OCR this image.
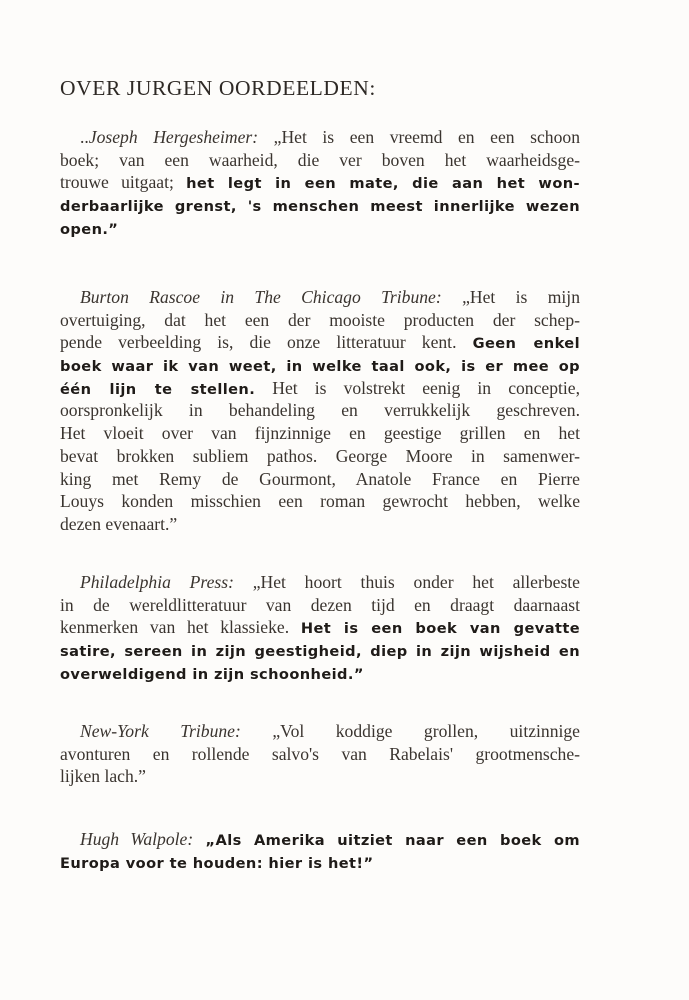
OVER JURGEN OORDEELDEN:
..Joseph Hergesheimer: „Het is een vreemd en een schoon
boek; van een waarheid, die ver boven het waarheidsge-
trouwe uitgaat; het legt in een mate, die aan het won-
derbaarlijke grenst, 's menschen meest innerlijke wezen
open.”
Burton Rascoe in The Chicago Tribune: „Het is mijn
overtuiging, dat het een der mooiste producten der schep-
pende verbeelding is, die onze litteratuur kent. Geen enkel
boek waar ik van weet, in welke taal ook, is er mee op
één lijn te stellen. Het is volstrekt eenig in conceptie,
oorspronkelijk in behandeling en verrukkelijk geschreven.
Het vloeit over van fijnzinnige en geestige grillen en het
bevat brokken subliem pathos. George Moore in samenwer-
king met Remy de Gourmont, Anatole France en Pierre
Louys konden misschien een roman gewrocht hebben, welke
dezen evenaart.”
Philadelphia Press: „Het hoort thuis onder het allerbeste
in de wereldlitteratuur van dezen tijd en draagt daarnaast
kenmerken van het klassieke. Het is een boek van gevatte
satire, sereen in zijn geestigheid, diep in zijn wijsheid en
overweldigend in zijn schoonheid.”
New-York Tribune: „Vol koddige grollen, uitzinnige
avonturen en rollende salvo's van Rabelais' grootmensche-
lijken lach.”
Hugh Walpole: „Als Amerika uitziet naar een boek om
Europa voor te houden: hier is het!”
